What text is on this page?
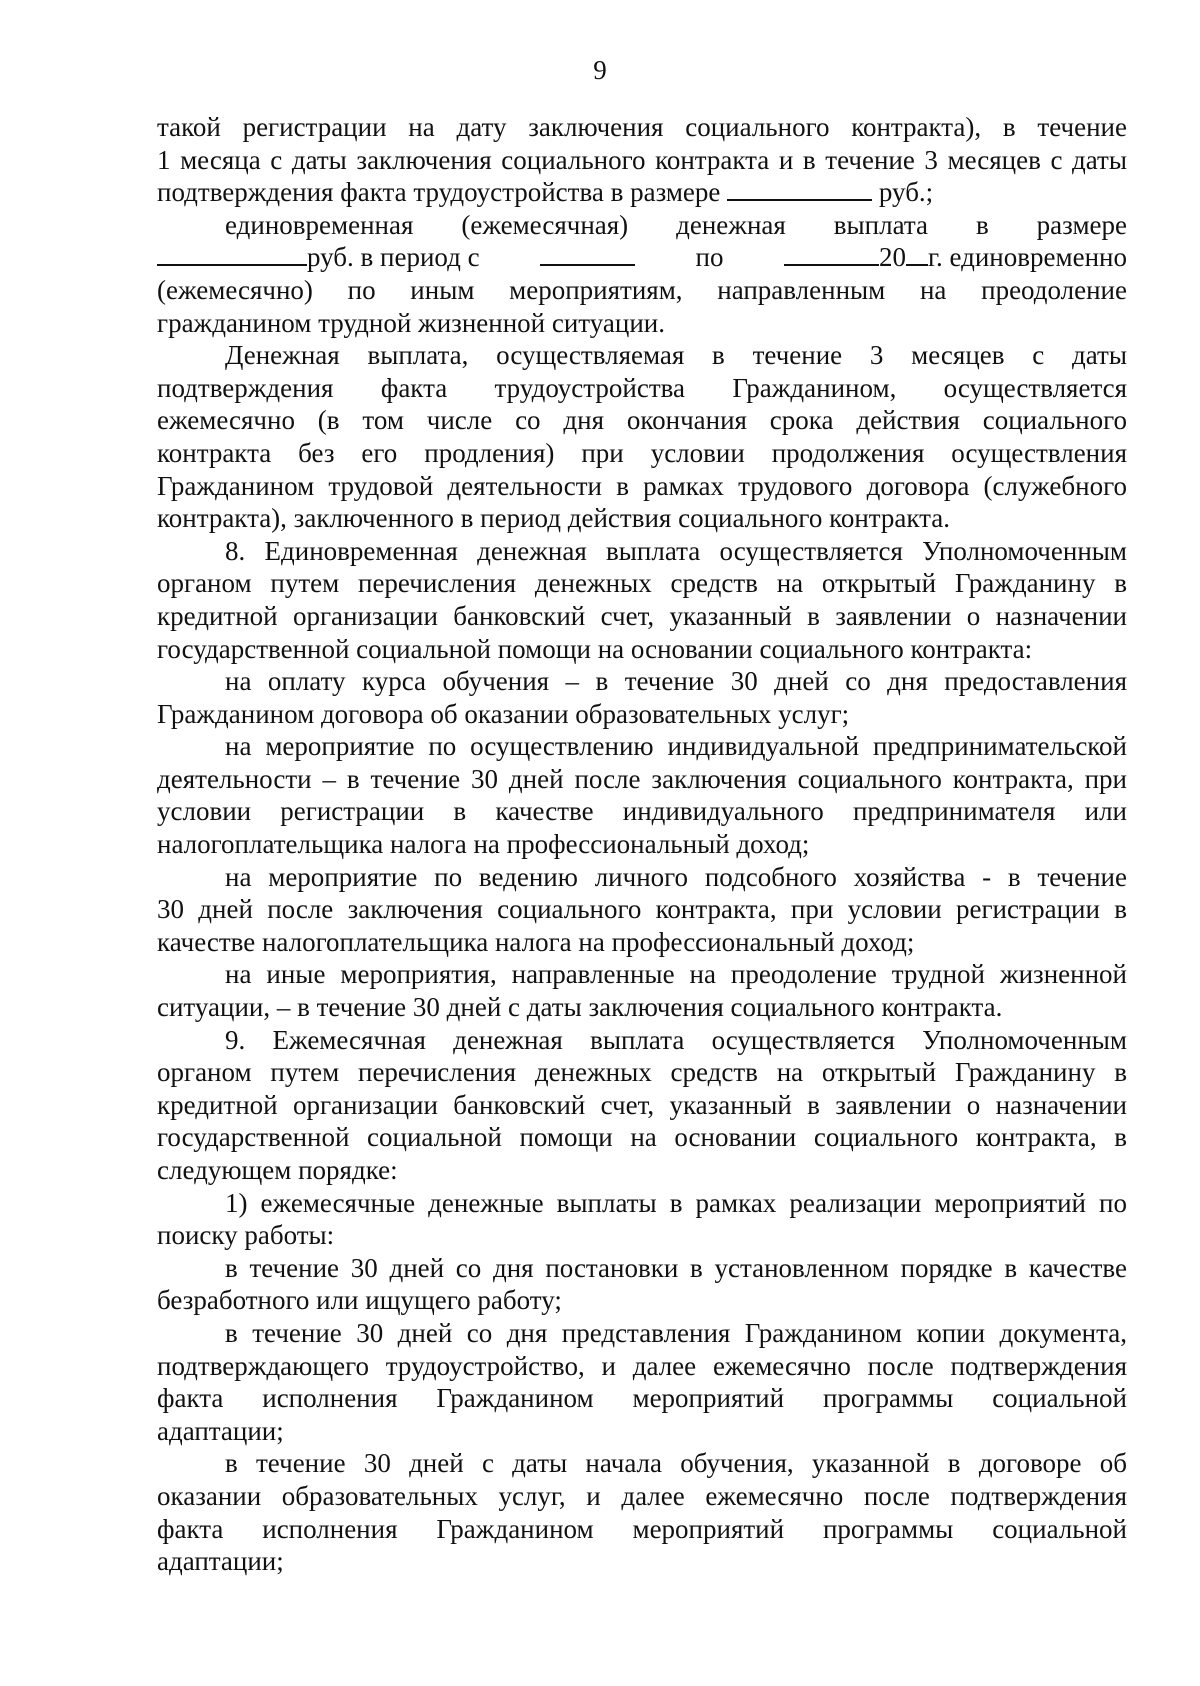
9
такой регистрации на дату заключения социального контракта), в течение
1 месяца с даты заключения социального контракта и в течение 3 месяцев с даты
подтверждения факта трудоустройства в размере	руб.;
единовременная (ежемесячная) денежная выплата в размере
руб. в период с	по	20 г. единовременно
(ежемесячно) по иным мероприятиям, направленным на преодоление
гражданином трудной жизненной ситуации.
Денежная выплата, осуществляемая в течение 3 месяцев с даты
подтверждения факта трудоустройства Гражданином, осуществляется
ежемесячно (в том числе со дня окончания срока действия социального
контракта без его продления) при условии продолжения осуществления
Гражданином трудовой деятельности в рамках трудового договора (служебного
контракта), заключенного в период действия социального контракта.
8. Единовременная денежная выплата осуществляется Уполномоченным
органом путем перечисления денежных средств на открытый Гражданину в
кредитной организации банковский счет, указанный в заявлении о назначении
государственной социальной помощи на основании социального контракта:
на оплату курса обучения – в течение 30 дней со дня предоставления
Гражданином договора об оказании образовательных услуг;
на мероприятие по осуществлению индивидуальной предпринимательской
деятельности – в течение 30 дней после заключения социального контракта, при
условии регистрации в качестве индивидуального предпринимателя или
налогоплательщика налога на профессиональный доход;
на мероприятие по ведению личного подсобного хозяйства - в течение
30 дней после заключения социального контракта, при условии регистрации в
качестве налогоплательщика налога на профессиональный доход;
на иные мероприятия, направленные на преодоление трудной жизненной
ситуации, – в течение 30 дней с даты заключения социального контракта.
9. Ежемесячная денежная выплата осуществляется Уполномоченным
органом путем перечисления денежных средств на открытый Гражданину в
кредитной организации банковский счет, указанный в заявлении о назначении
государственной социальной помощи на основании социального контракта, в
следующем порядке:
1) ежемесячные денежные выплаты в рамках реализации мероприятий по
поиску работы:
в течение 30 дней со дня постановки в установленном порядке в качестве
безработного или ищущего работу;
в течение 30 дней со дня представления Гражданином копии документа,
подтверждающего трудоустройство, и далее ежемесячно после подтверждения
факта исполнения Гражданином мероприятий программы социальной
адаптации;
в течение 30 дней с даты начала обучения, указанной в договоре об
оказании образовательных услуг, и далее ежемесячно после подтверждения
факта исполнения Гражданином мероприятий программы социальной
адаптации;
